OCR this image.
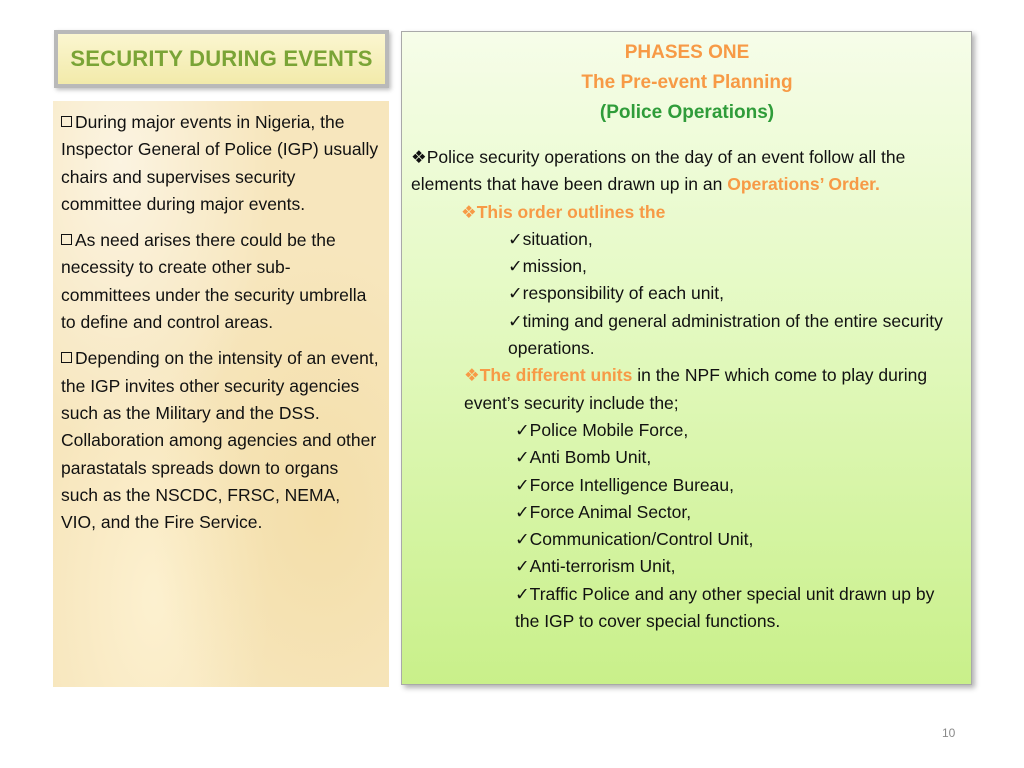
SECURITY DURING EVENTS

During major events in Nigeria, the Inspector General of Police (IGP) usually chairs and supervises security committee during major events.

As need arises there could be the necessity to create other sub-committees under the security umbrella to define and control areas.

Depending on the intensity of an event, the IGP invites other security agencies such as the Military and the DSS. Collaboration among agencies and other parastatals spreads down to organs such as the NSCDC, FRSC, NEMA, VIO, and the Fire Service.

PHASES ONE
The Pre-event Planning
(Police Operations)
❖Police security operations on the day of an event follow all the elements that have been drawn up in an Operations’ Order.
❖This order outlines the
✓situation,
✓mission,
✓responsibility of each unit,
✓timing and general administration of the entire security operations.
❖The different units in the NPF which come to play during event’s security include the;
✓Police Mobile Force,
✓Anti Bomb Unit,
✓Force Intelligence Bureau,
✓Force Animal Sector,
✓Communication/Control Unit,
✓Anti-terrorism Unit,
✓Traffic Police and any other special unit drawn up by the IGP to cover special functions.
10
